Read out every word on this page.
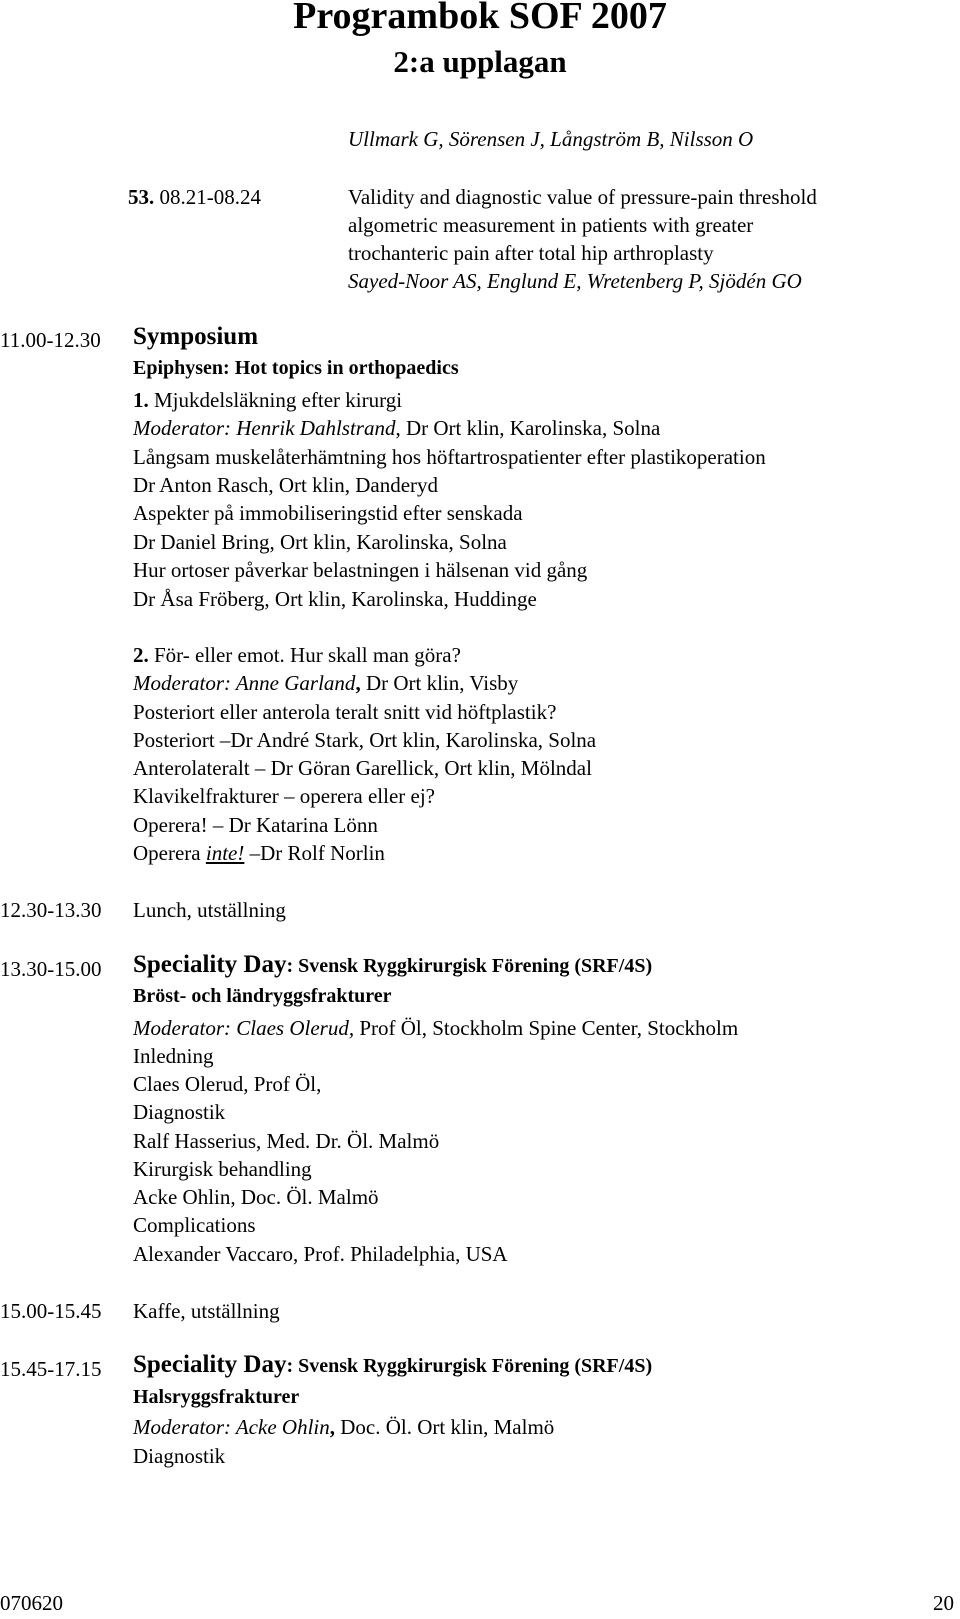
Programbok SOF 2007
2:a upplagan
Ullmark G, Sörensen J, Långström B, Nilsson O
53. 08.21-08.24	Validity and diagnostic value of pressure-pain threshold
algometric measurement in patients with greater
trochanteric pain after total hip arthroplasty
Sayed-Noor AS, Englund E, Wretenberg P, Sjödén GO
11.00-12.30 Symposium
Epiphysen: Hot topics in orthopaedics
1. Mjukdelsläkning efter kirurgi
Moderator: Henrik Dahlstrand, Dr Ort klin, Karolinska, Solna
Långsam muskelåterhämtning hos höftartrospatienter efter plastikoperation
Dr Anton Rasch, Ort klin, Danderyd
Aspekter på immobiliseringstid efter senskada
Dr Daniel Bring, Ort klin, Karolinska, Solna
Hur ortoser påverkar belastningen i hälsenan vid gång
Dr Åsa Fröberg, Ort klin, Karolinska, Huddinge
2. För- eller emot. Hur skall man göra?
Moderator: Anne Garland, Dr Ort klin, Visby
Posteriort eller anterola teralt snitt vid höftplastik?
Posteriort –Dr André Stark, Ort klin, Karolinska, Solna
Anterolateralt – Dr Göran Garellick, Ort klin, Mölndal
Klavikelfrakturer – operera eller ej?
Operera! – Dr Katarina Lönn
Operera inte! –Dr Rolf Norlin
12.30-13.30 Lunch, utställning
13.30-15.00 Speciality Day: Svensk Ryggkirurgisk Förening (SRF/4S)
Bröst- och ländryggsfrakturer
Moderator: Claes Olerud, Prof Öl, Stockholm Spine Center, Stockholm
Inledning
Claes Olerud, Prof Öl,
Diagnostik
Ralf Hasserius, Med. Dr. Öl. Malmö
Kirurgisk behandling
Acke Ohlin, Doc. Öl. Malmö
Complications
Alexander Vaccaro, Prof. Philadelphia, USA
15.00-15.45 Kaffe, utställning
15.45-17.15 Speciality Day: Svensk Ryggkirurgisk Förening (SRF/4S)
Halsryggsfrakturer
Moderator: Acke Ohlin, Doc. Öl. Ort klin, Malmö
Diagnostik
070620	20
